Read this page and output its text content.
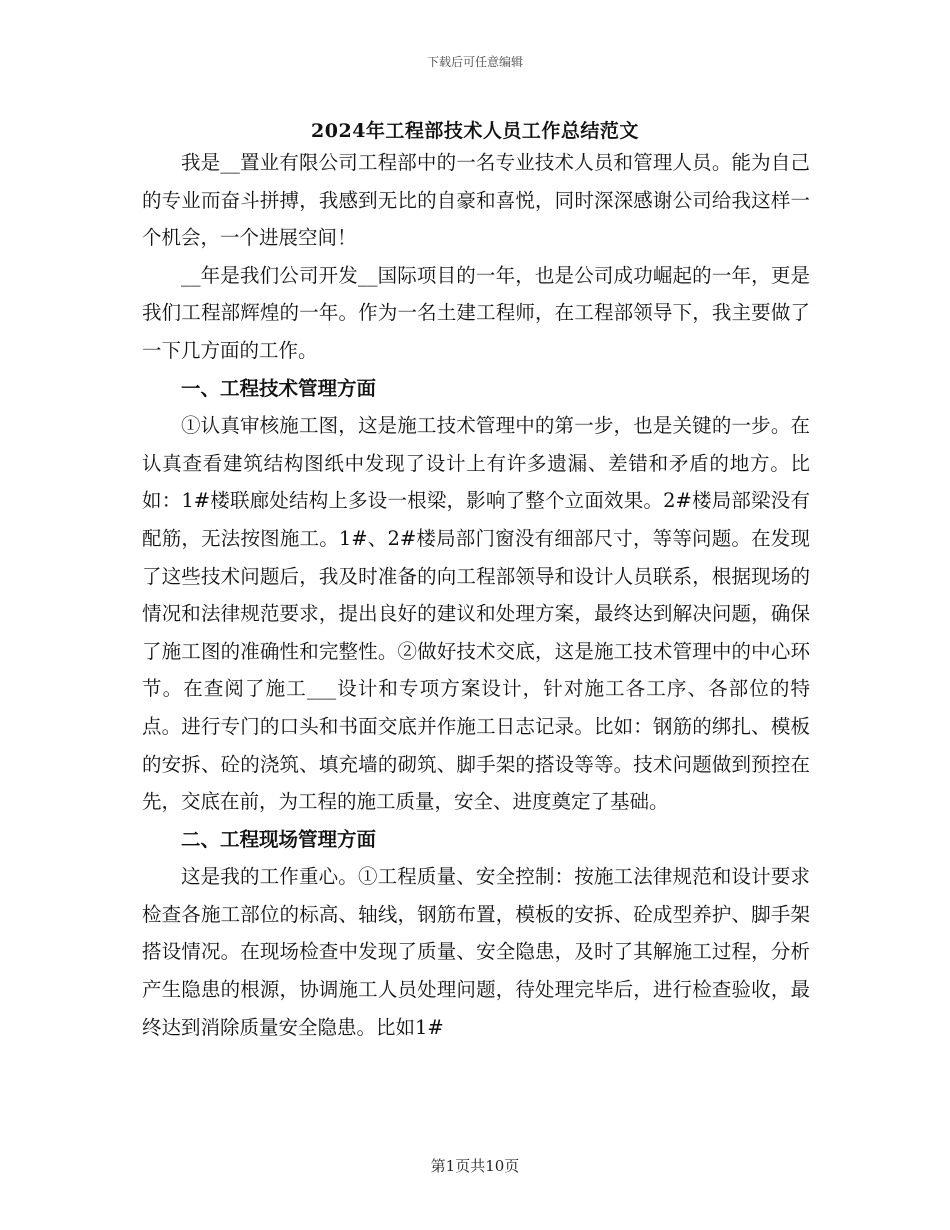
下载后可任意编辑
2024年工程部技术人员工作总结范文

我是__置业有限公司工程部中的一名专业技术人员和管理人员。能为自己的专业而奋斗拼搏，我感到无比的自豪和喜悦，同时深深感谢公司给我这样一个机会，一个进展空间！

__年是我们公司开发__国际项目的一年，也是公司成功崛起的一年，更是我们工程部辉煌的一年。作为一名土建工程师，在工程部领导下，我主要做了一下几方面的工作。

一、工程技术管理方面

①认真审核施工图，这是施工技术管理中的第一步，也是关键的一步。在认真查看建筑结构图纸中发现了设计上有许多遗漏、差错和矛盾的地方。比如：1#楼联廊处结构上多设一根梁，影响了整个立面效果。2#楼局部梁没有配筋，无法按图施工。1#、2#楼局部门窗没有细部尺寸，等等问题。在发现了这些技术问题后，我及时准备的向工程部领导和设计人员联系，根据现场的情况和法律规范要求，提出良好的建议和处理方案，最终达到解决问题，确保了施工图的准确性和完整性。②做好技术交底，这是施工技术管理中的中心环节。在查阅了施工___设计和专项方案设计，针对施工各工序、各部位的特点。进行专门的口头和书面交底并作施工日志记录。比如：钢筋的绑扎、模板的安拆、砼的浇筑、填充墙的砌筑、脚手架的搭设等等。技术问题做到预控在先，交底在前，为工程的施工质量，安全、进度奠定了基础。

二、工程现场管理方面

这是我的工作重心。①工程质量、安全控制：按施工法律规范和设计要求检查各施工部位的标高、轴线，钢筋布置，模板的安拆、砼成型养护、脚手架搭设情况。在现场检查中发现了质量、安全隐患，及时了其解施工过程，分析产生隐患的根源，协调施工人员处理问题，待处理完毕后，进行检查验收，最终达到消除质量安全隐患。比如1#

第1页共10页
